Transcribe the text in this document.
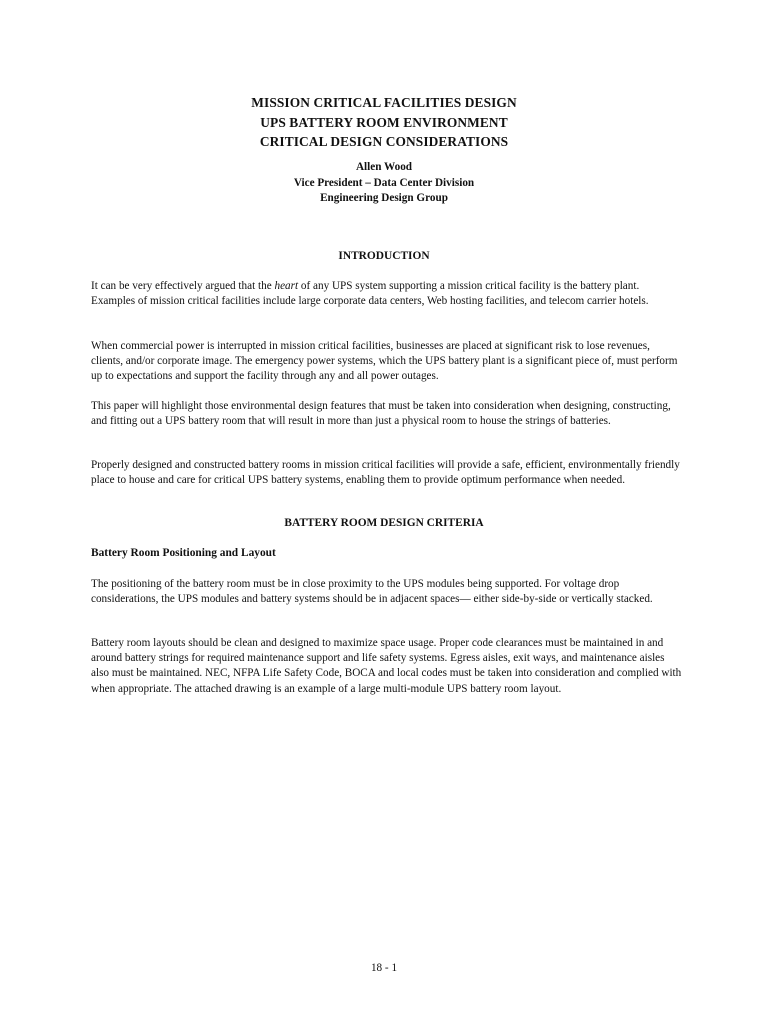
MISSION CRITICAL FACILITIES DESIGN
UPS BATTERY ROOM ENVIRONMENT
CRITICAL DESIGN CONSIDERATIONS
Allen Wood
Vice President – Data Center Division
Engineering Design Group
INTRODUCTION

It can be very effectively argued that the heart of any UPS system supporting a mission critical facility is the battery plant. Examples of mission critical facilities include large corporate data centers, Web hosting facilities, and telecom carrier hotels.

When commercial power is interrupted in mission critical facilities, businesses are placed at significant risk to lose revenues, clients, and/or corporate image. The emergency power systems, which the UPS battery plant is a significant piece of, must perform up to expectations and support the facility through any and all power outages.

This paper will highlight those environmental design features that must be taken into consideration when designing, constructing, and fitting out a UPS battery room that will result in more than just a physical room to house the strings of batteries.

Properly designed and constructed battery rooms in mission critical facilities will provide a safe, efficient, environmentally friendly place to house and care for critical UPS battery systems, enabling them to provide optimum performance when needed.

BATTERY ROOM DESIGN CRITERIA
Battery Room Positioning and Layout

The positioning of the battery room must be in close proximity to the UPS modules being supported. For voltage drop considerations, the UPS modules and battery systems should be in adjacent spaces— either side-by-side or vertically stacked.

Battery room layouts should be clean and designed to maximize space usage. Proper code clearances must be maintained in and around battery strings for required maintenance support and life safety systems. Egress aisles, exit ways, and maintenance aisles also must be maintained. NEC, NFPA Life Safety Code, BOCA and local codes must be taken into consideration and complied with when appropriate. The attached drawing is an example of a large multi-module UPS battery room layout.

18 - 1
